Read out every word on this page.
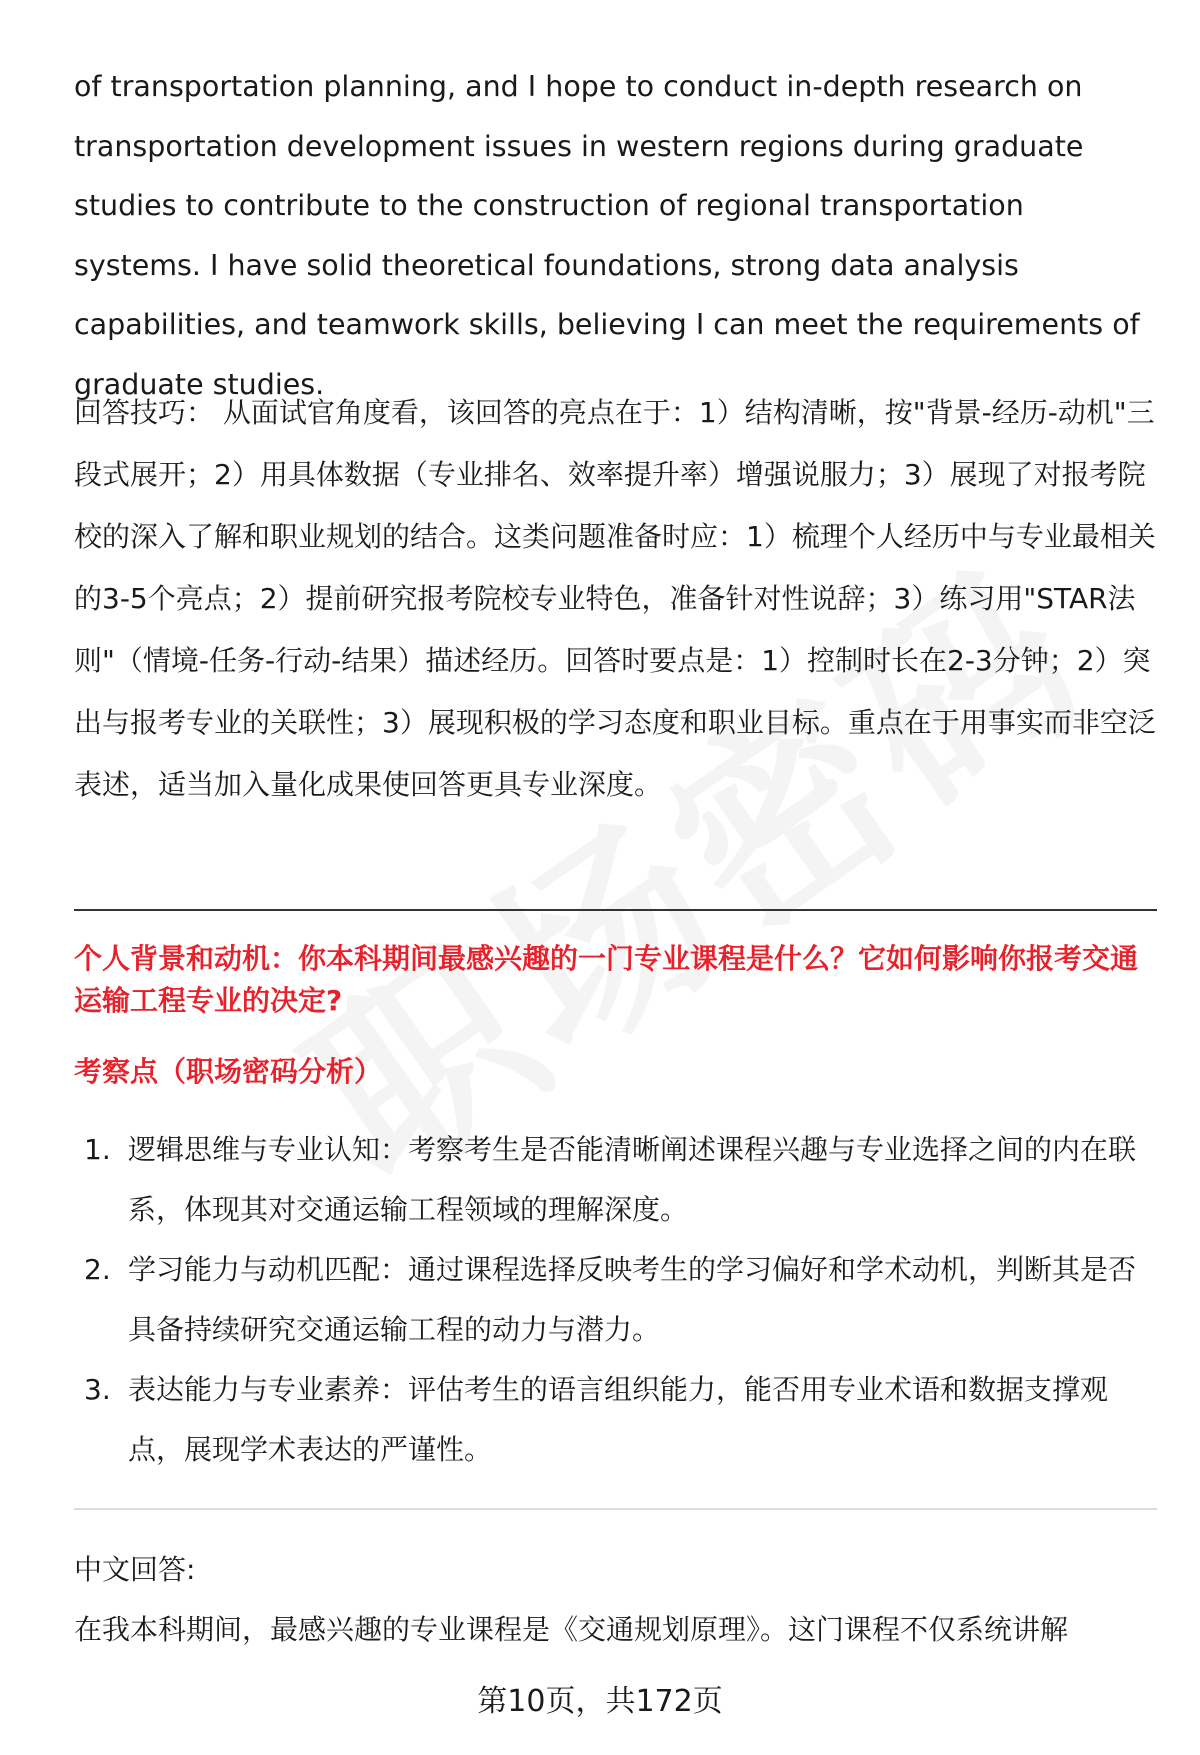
of transportation planning, and I hope to conduct in-depth research on transportation development issues in western regions during graduate studies to contribute to the construction of regional transportation systems. I have solid theoretical foundations, strong data analysis capabilities, and teamwork skills, believing I can meet the requirements of graduate studies.

回答技巧： 从面试官角度看，该回答的亮点在于：1）结构清晰，按"背景-经历-动机"三段式展开；2）用具体数据（专业排名、效率提升率）增强说服力；3）展现了对报考院校的深入了解和职业规划的结合。这类问题准备时应：1）梳理个人经历中与专业最相关的3-5个亮点；2）提前研究报考院校专业特色，准备针对性说辞；3）练习用"STAR法则"（情境-任务-行动-结果）描述经历。回答时要点是：1）控制时长在2-3分钟；2）突出与报考专业的关联性；3）展现积极的学习态度和职业目标。重点在于用事实而非空泛表述，适当加入量化成果使回答更具专业深度。

个人背景和动机：你本科期间最感兴趣的一门专业课程是什么？它如何影响你报考交通运输工程专业的决定?
考察点（职场密码分析）
1. 逻辑思维与专业认知：考察考生是否能清晰阐述课程兴趣与专业选择之间的内在联系，体现其对交通运输工程领域的理解深度。
2. 学习能力与动机匹配：通过课程选择反映考生的学习偏好和学术动机，判断其是否具备持续研究交通运输工程的动力与潜力。
3. 表达能力与专业素养：评估考生的语言组织能力，能否用专业术语和数据支撑观点，展现学术表达的严谨性。

中文回答:

在我本科期间，最感兴趣的专业课程是《交通规划原理》。这门课程不仅系统讲解

第10页，共172页
